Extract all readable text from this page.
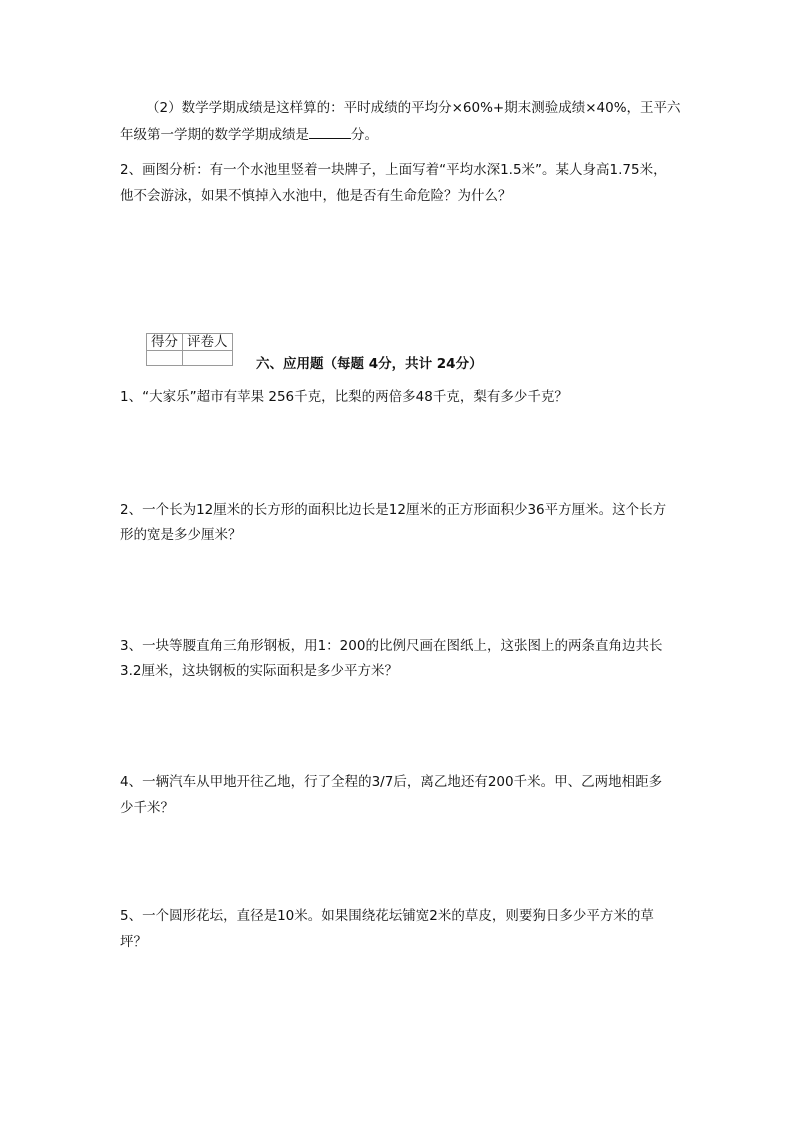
（2）数学学期成绩是这样算的：平时成绩的平均分×60%+期末测验成绩×40%，王平六
年级第一学期的数学学期成绩是	分。
2、画图分析：有一个水池里竖着一块牌子，上面写着“平均水深1.5米”。某人身高1.75米，
他不会游泳，如果不慎掉入水池中，他是否有生命危险？为什么？
得分	评卷人

六、应用题（每题 4分，共计 24分）
1、“大家乐”超市有苹果 256千克，比梨的两倍多48千克，梨有多少千克？
2、一个长为12厘米的长方形的面积比边长是12厘米的正方形面积少36平方厘米。这个长方
形的宽是多少厘米？
3、一块等腰直角三角形钢板，用1：200的比例尺画在图纸上，这张图上的两条直角边共长
3.2厘米，这块钢板的实际面积是多少平方米？
4、一辆汽车从甲地开往乙地，行了全程的3/7后，离乙地还有200千米。甲、乙两地相距多
少千米？
5、一个圆形花坛，直径是10米。如果围绕花坛铺宽2米的草皮，则要狗日多少平方米的草
坪？
